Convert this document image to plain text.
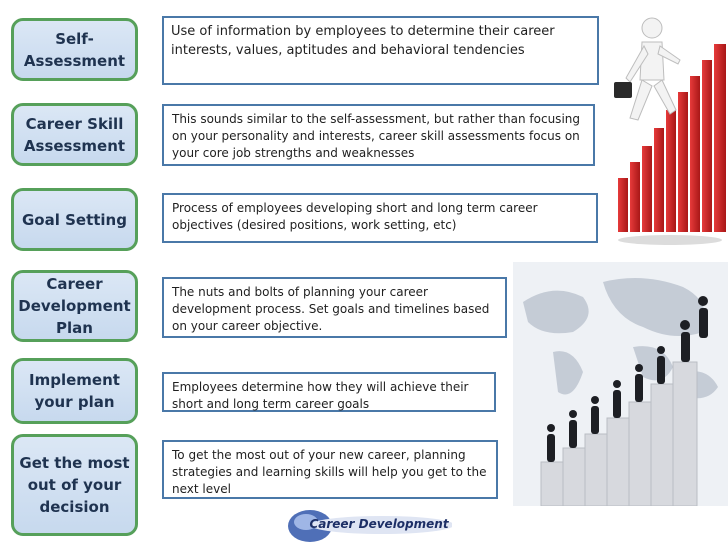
Self-Assessment
Career Skill Assessment
Goal Setting
Career Development Plan
Implement your plan
Get the most out of your decision
Use of information by employees to determine their career interests, values, aptitudes and behavioral tendencies
This sounds similar to the self-assessment, but rather than focusing on your personality and interests, career skill assessments focus on your core job strengths and weaknesses
Process of employees developing short and long term career objectives (desired positions, work setting, etc)
The nuts and bolts of planning your career development process. Set goals and timelines based on your career objective.
Employees determine how they will achieve their short and long term career goals
To get the most out of your new career, planning strategies and learning skills will help you get to the next level
Career Development
